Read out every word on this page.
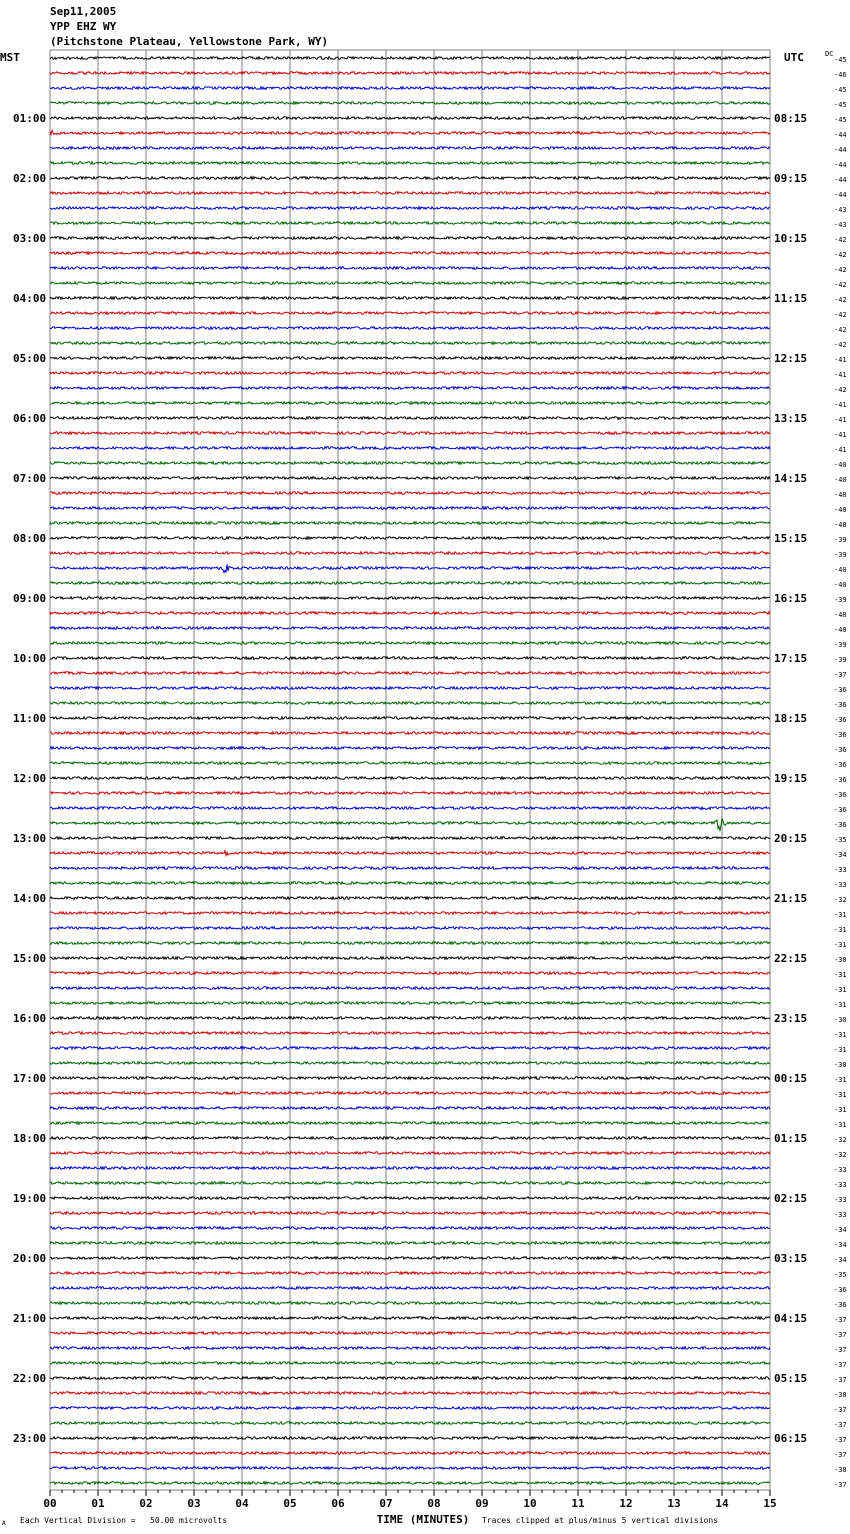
Sep11,2005
YPP EHZ WY
(Pitchstone Plateau, Yellowstone Park, WY)
00	01	02	03	04	05	06	07	08	09	10	11	12	13	14	15
-45
-46
-45
-45
-45
01:00	08:15
-44
-44
-44
-44
02:00	09:15
-44
-43
-43
-42
03:00	10:15
-42
-42
-42
-42
04:00	11:15
-42
-42
-42
-41
05:00	12:15
-41
-42
-41
-41
06:00	13:15
-41
-41
-40
-40
07:00	14:15
-40
-40
-40
-39
08:00	15:15
-39
-40
-40
-39
09:00	16:15
-40
-40
-39
-39
10:00	17:15
-37
-36
-36
-36
11:00	18:15
-36
-36
-36
-36
12:00	19:15
-36
-36
-36
-35
13:00	20:15
-34
-33
-33
-32
14:00	21:15
-31
-31
-31
-30
15:00	22:15
-31
-31
-31
-30
16:00	23:15
-31
-31
-30
-31
17:00	00:15
-31
-31
-31
-32
18:00	01:15
-32
-33
-33
-33
19:00	02:15
-33
-34
-34
-34
20:00	03:15
-35
-36
-36
-37
21:00	04:15
-37
-37
-37
-37
22:00	05:15
-38
-37
-37
-37
23:00	06:15
-37
-38
-37
MST	UTC	DC
TIME (MINUTES)
A Each Vertical Division =   50.00 microvolts	Traces clipped at plus/minus 5 vertical divisions
